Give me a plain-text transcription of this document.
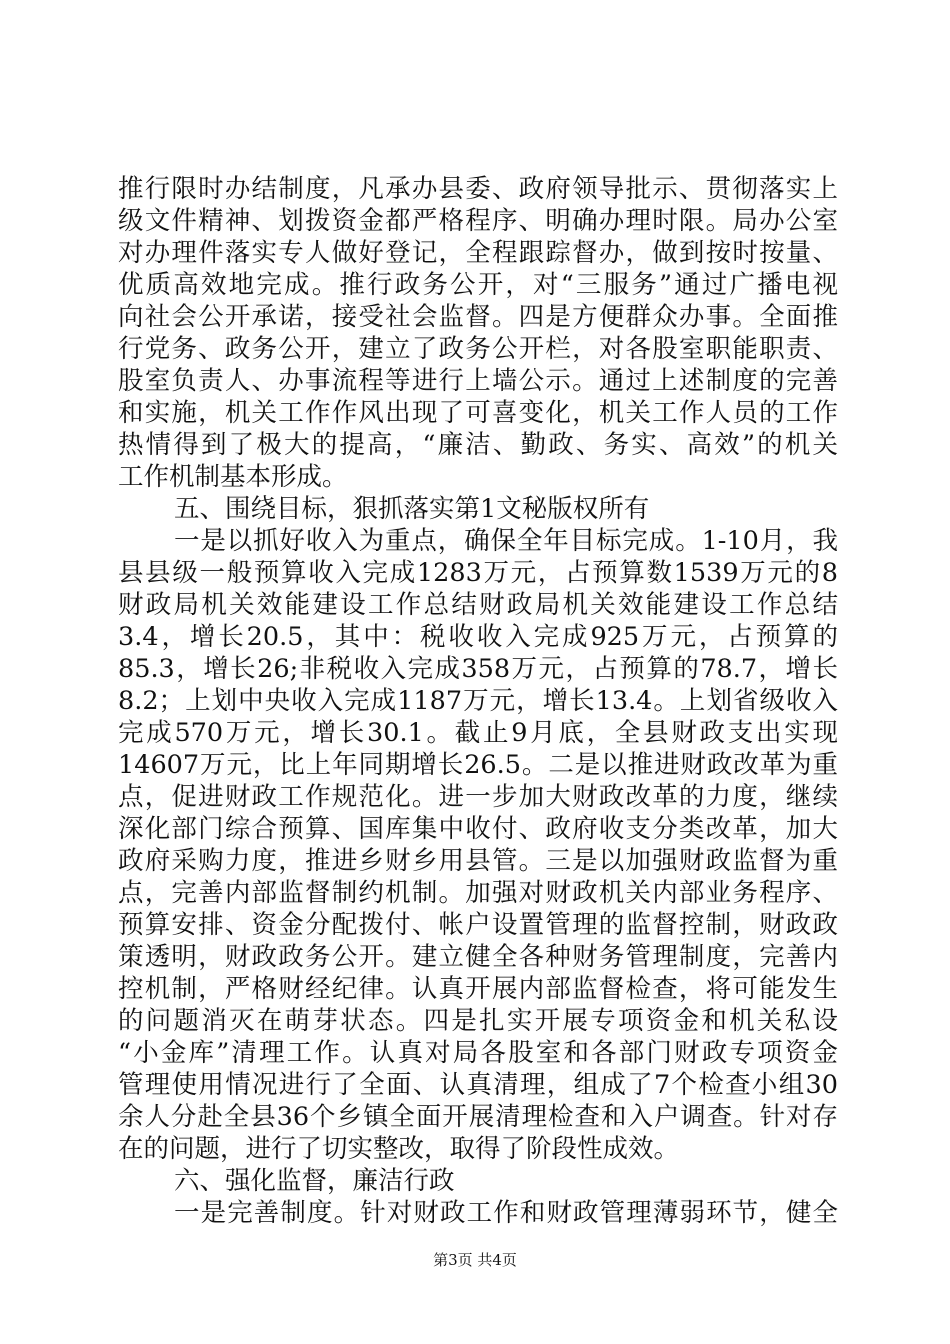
推行限时办结制度，凡承办县委、政府领导批示、贯彻落实上
级文件精神、划拨资金都严格程序、明确办理时限。局办公室
对办理件落实专人做好登记，全程跟踪督办，做到按时按量、
优质高效地完成。推行政务公开，对“三服务”通过广播电视
向社会公开承诺，接受社会监督。四是方便群众办事。全面推
行党务、政务公开，建立了政务公开栏，对各股室职能职责、
股室负责人、办事流程等进行上墙公示。通过上述制度的完善
和实施，机关工作作风出现了可喜变化，机关工作人员的工作
热情得到了极大的提高，“廉洁、勤政、务实、高效”的机关
工作机制基本形成。
五、围绕目标，狠抓落实第1文秘版权所有
一是以抓好收入为重点，确保全年目标完成。1-10月，我
县县级一般预算收入完成1283万元，占预算数1539万元的8
财政局机关效能建设工作总结财政局机关效能建设工作总结
3.4，增长20.5，其中：税收收入完成925万元，占预算的
85.3，增长26;非税收入完成358万元，占预算的78.7，增长
8.2；上划中央收入完成1187万元，增长13.4。上划省级收入
完成570万元，增长30.1。截止9月底，全县财政支出实现
14607万元，比上年同期增长26.5。二是以推进财政改革为重
点，促进财政工作规范化。进一步加大财政改革的力度，继续
深化部门综合预算、国库集中收付、政府收支分类改革，加大
政府采购力度，推进乡财乡用县管。三是以加强财政监督为重
点，完善内部监督制约机制。加强对财政机关内部业务程序、
预算安排、资金分配拨付、帐户设置管理的监督控制，财政政
策透明，财政政务公开。建立健全各种财务管理制度，完善内
控机制，严格财经纪律。认真开展内部监督检查，将可能发生
的问题消灭在萌芽状态。四是扎实开展专项资金和机关私设
“小金库”清理工作。认真对局各股室和各部门财政专项资金
管理使用情况进行了全面、认真清理，组成了7个检查小组30
余人分赴全县36个乡镇全面开展清理检查和入户调查。针对存
在的问题，进行了切实整改，取得了阶段性成效。
六、强化监督，廉洁行政
一是完善制度。针对财政工作和财政管理薄弱环节，健全
第3页 共4页
